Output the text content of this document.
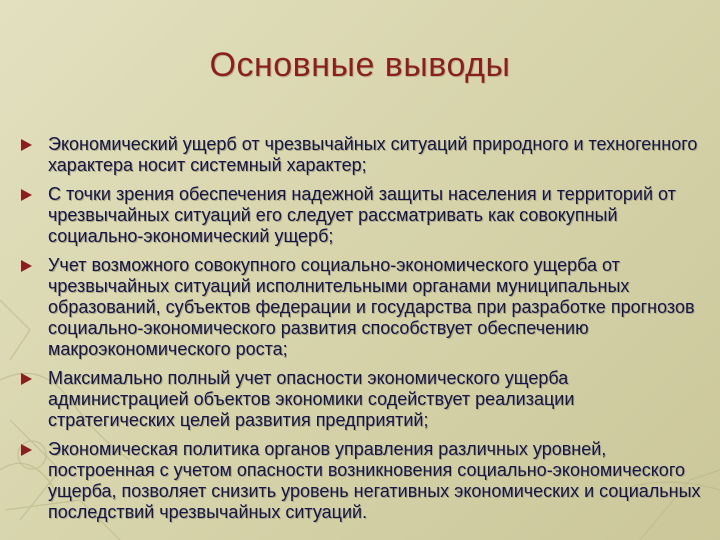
Основные выводы
Экономический ущерб от чрезвычайных ситуаций природного и техногенного характера носит системный характер;
С точки зрения обеспечения надежной защиты населения и территорий от чрезвычайных ситуаций его следует рассматривать как совокупный социально-экономический ущерб;
Учет возможного совокупного социально-экономического ущерба от чрезвычайных ситуаций исполнительными органами муниципальных образований, субъектов федерации и государства при разработке прогнозов социально-экономического развития способствует обеспечению макроэкономического роста;
Максимально полный учет опасности экономического ущерба администрацией объектов экономики содействует реализации стратегических целей развития предприятий;
Экономическая политика органов управления различных уровней, построенная с учетом опасности возникновения социально-экономического ущерба, позволяет снизить уровень негативных экономических и социальных последствий чрезвычайных ситуаций.
